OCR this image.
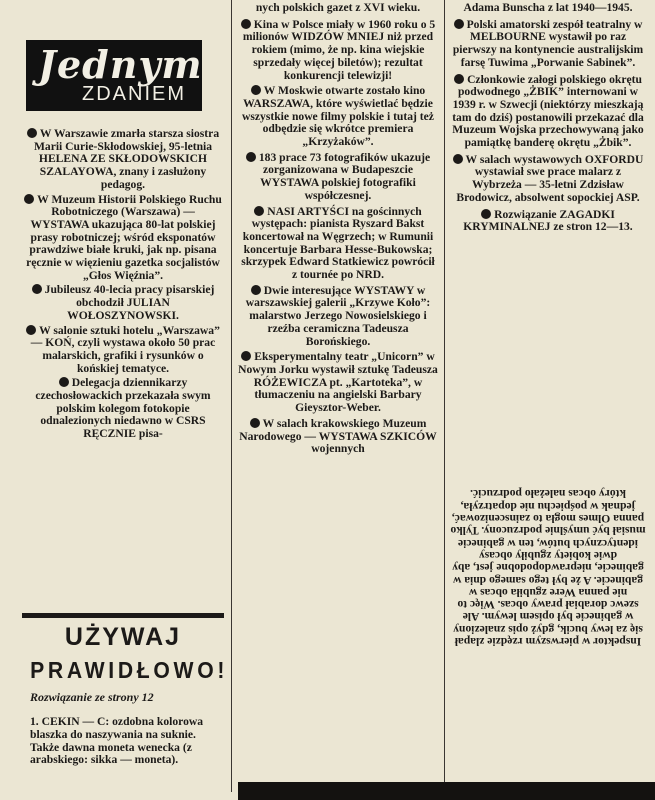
Jednym
ZDANIEM

W Warszawie zmarła starsza siostra Marii Curie-Skłodowskiej, 95-letnia HELENA ZE SKŁODOWSKICH SZALAYOWA, znany i zasłużony pedagog.

W Muzeum Historii Polskiego Ruchu Robotniczego (Warszawa) — WYSTAWA ukazująca 80-lat polskiej prasy robotniczej; wśród eksponatów prawdziwe białe kruki, jak np. pisana ręcznie w więzieniu gazetka socjalistów „Głos Więźnia”.

Jubileusz 40-lecia pracy pisarskiej obchodził JULIAN WOŁOSZYNOWSKI.

W salonie sztuki hotelu „Warszawa” — KOŃ, czyli wystawa około 50 prac malarskich, grafiki i rysunków o końskiej tematyce.

Delegacja dziennikarzy czechosłowackich przekazała swym polskim kolegom fotokopie odnalezionych niedawno w CSRS RĘCZNIE pisa-

UŻYWAJ
PRAWIDŁOWO!
Rozwiązanie ze strony 12
1. CEKIN — C: ozdobna kolorowa blaszka do naszywania na suknie. Także dawna moneta wenecka (z arabskiego: sikka — moneta).

nych polskich gazet z XVI wieku.

Kina w Polsce miały w 1960 roku o 5 milionów WIDZÓW MNIEJ niż przed rokiem (mimo, że np. kina wiejskie sprzedały więcej biletów); rezultat konkurencji telewizji!

W Moskwie otwarte zostało kino WARSZAWA, które wyświetlać będzie wszystkie nowe filmy polskie i tutaj też odbędzie się wkrótce premiera „Krzyżaków”.

183 prace 73 fotografików ukazuje zorganizowana w Budapeszcie WYSTAWA polskiej fotografiki współczesnej.

NASI ARTYŚCI na gościnnych występach: pianista Ryszard Bakst koncertował na Węgrzech; w Rumunii koncertuje Barbara Hesse-Bukowska; skrzypek Edward Statkiewicz powrócił z tournée po NRD.

Dwie interesujące WYSTAWY w warszawskiej galerii „Krzywe Koło”: malarstwo Jerzego Nowosielskiego i rzeźba ceramiczna Tadeusza Borońskiego.

Eksperymentalny teatr „Unicorn” w Nowym Jorku wystawił sztukę Tadeusza RÓŻEWICZA pt. „Kartoteka”, w tłumaczeniu na angielski Barbary Gieysztor-Weber.

W salach krakowskiego Muzeum Narodowego — WYSTAWA SZKICÓW wojennych

Adama Bunscha z lat 1940—1945.

Polski amatorski zespół teatralny w MELBOURNE wystawił po raz pierwszy na kontynencie australijskim farsę Tuwima „Porwanie Sabinek”.

Członkowie załogi polskiego okrętu podwodnego „ŻBIK” internowani w 1939 r. w Szwecji (niektórzy mieszkają tam do dziś) postanowili przekazać dla Muzeum Wojska przechowywaną jako pamiątkę banderę okrętu „Żbik”.

W salach wystawowych OXFORDU wystawiał swe prace malarz z Wybrzeża — 35-letni Zdzisław Brodowicz, absolwent sopockiej ASP.

Rozwiązanie ZAGADKI KRYMINALNEJ ze stron 12—13.

Inspektor w pierwszym rzędzie zlapał się za lewy bucik, gdyż opis znaleziony w gabinecie był opisem lewym. Ale szewc dorabiał prawy obcas. Więc to nie panna Were zgubiła obcas w gabinecie. A że był tego samego dnia w gabinecie, nieprawdopodobne jest, aby dwie kobiety zgubiły obcasy identycznych butów, ten w gabinecie musiał być umyślnie podrzucony. Tylko panna Olmes mogła to zainscenizować, jednak w pośpiechu nie dopatrzyła, który obcas należało podrzucić.
